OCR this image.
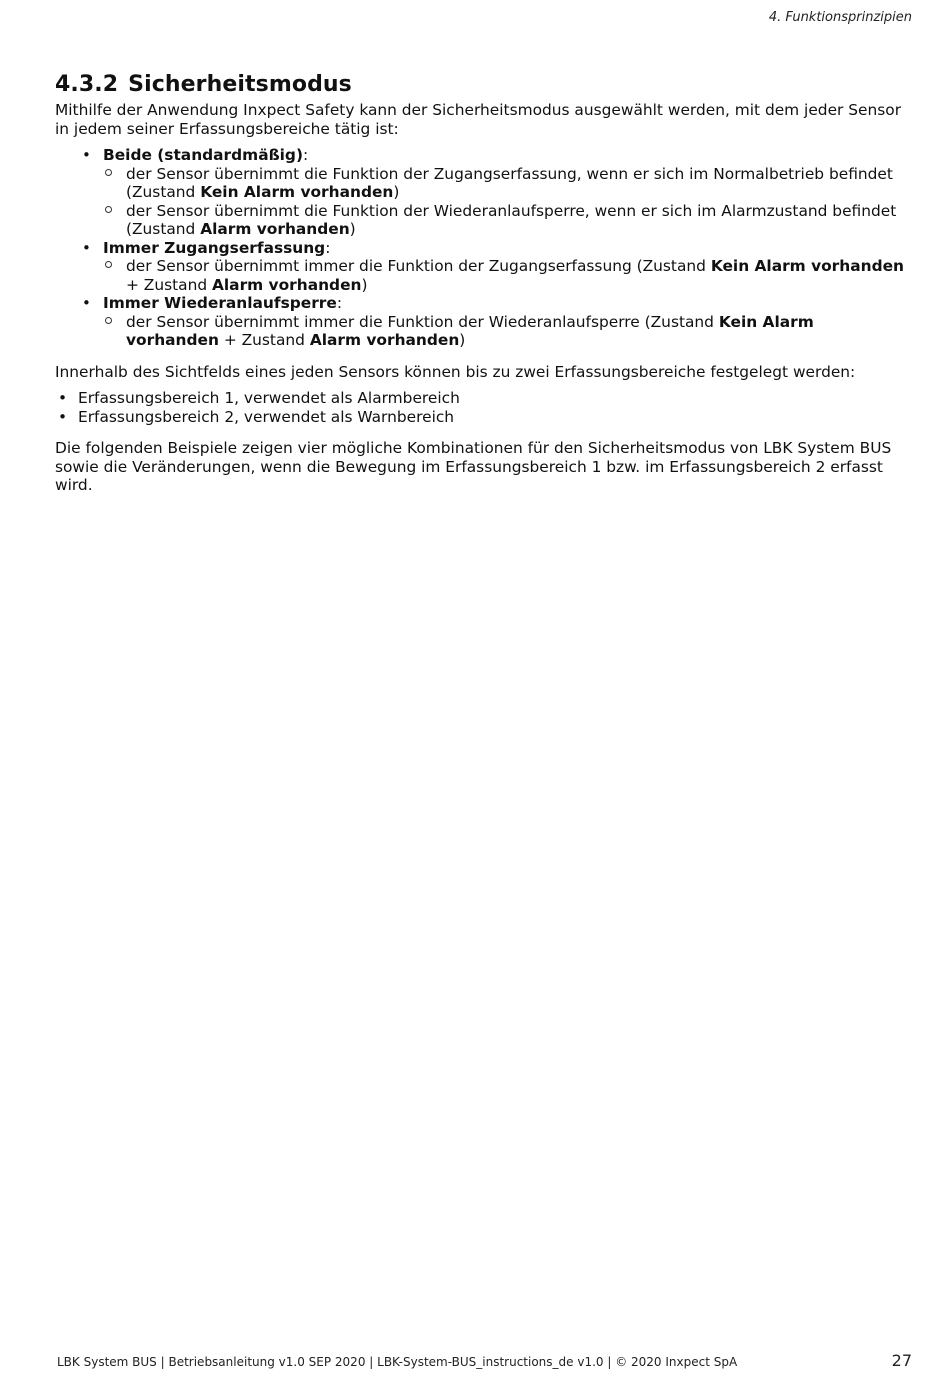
4. Funktionsprinzipien
4.3.2 Sicherheitsmodus

Mithilfe der Anwendung Inxpect Safety kann der Sicherheitsmodus ausgewählt werden, mit dem jeder Sensor in jedem seiner Erfassungsbereiche tätig ist:

• Beide (standardmäßig):
der Sensor übernimmt die Funktion der Zugangserfassung, wenn er sich im Normalbetrieb befindet (Zustand Kein Alarm vorhanden)
der Sensor übernimmt die Funktion der Wiederanlaufsperre, wenn er sich im Alarmzustand befindet (Zustand Alarm vorhanden)
• Immer Zugangserfassung:
der Sensor übernimmt immer die Funktion der Zugangserfassung (Zustand Kein Alarm vorhanden + Zustand Alarm vorhanden)
• Immer Wiederanlaufsperre:
der Sensor übernimmt immer die Funktion der Wiederanlaufsperre (Zustand Kein Alarm vorhanden + Zustand Alarm vorhanden)

Innerhalb des Sichtfelds eines jeden Sensors können bis zu zwei Erfassungsbereiche festgelegt werden:

• Erfassungsbereich 1, verwendet als Alarmbereich
• Erfassungsbereich 2, verwendet als Warnbereich

Die folgenden Beispiele zeigen vier mögliche Kombinationen für den Sicherheitsmodus von LBK System BUS sowie die Veränderungen, wenn die Bewegung im Erfassungsbereich 1 bzw. im Erfassungsbereich 2 erfasst wird.

LBK System BUS | Betriebsanleitung v1.0 SEP 2020 | LBK-System-BUS_instructions_de v1.0 | © 2020 Inxpect SpA	27
